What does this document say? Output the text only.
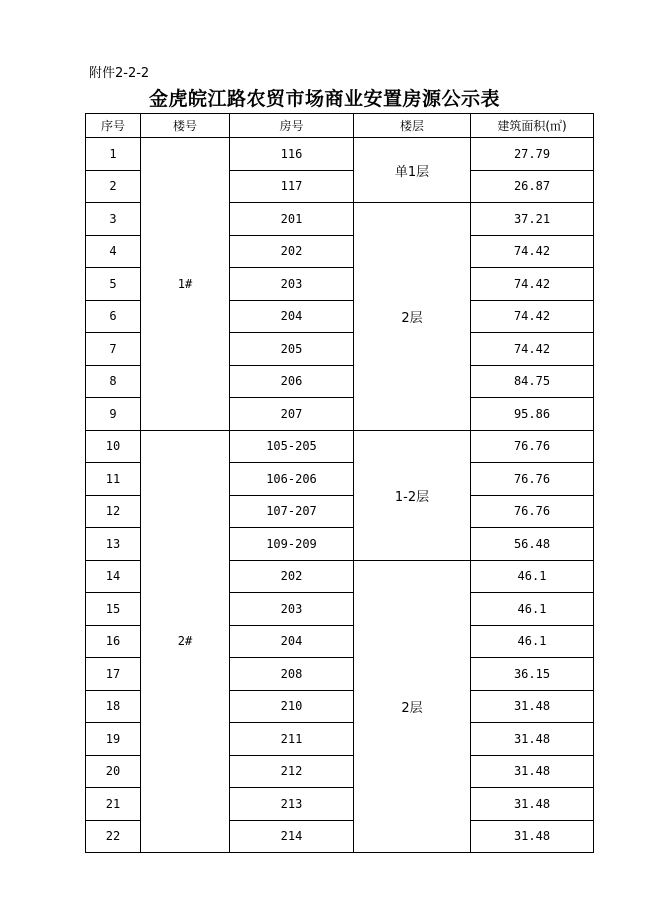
附件2-2-2
金虎皖江路农贸市场商业安置房源公示表
序号	楼号	房号	楼层	建筑面积(㎡)
1	1#	116	单1层	27.79
2		117		26.87
3		201	2层	37.21
4		202		74.42
5		203		74.42
6		204		74.42
7		205		74.42
8		206		84.75
9		207		95.86
10	2#	105-205	1-2层	76.76
11		106-206		76.76
12		107-207		76.76
13		109-209		56.48
14		202	2层	46.1
15		203		46.1
16		204		46.1
17		208		36.15
18		210		31.48
19		211		31.48
20		212		31.48
21		213		31.48
22		214		31.48
